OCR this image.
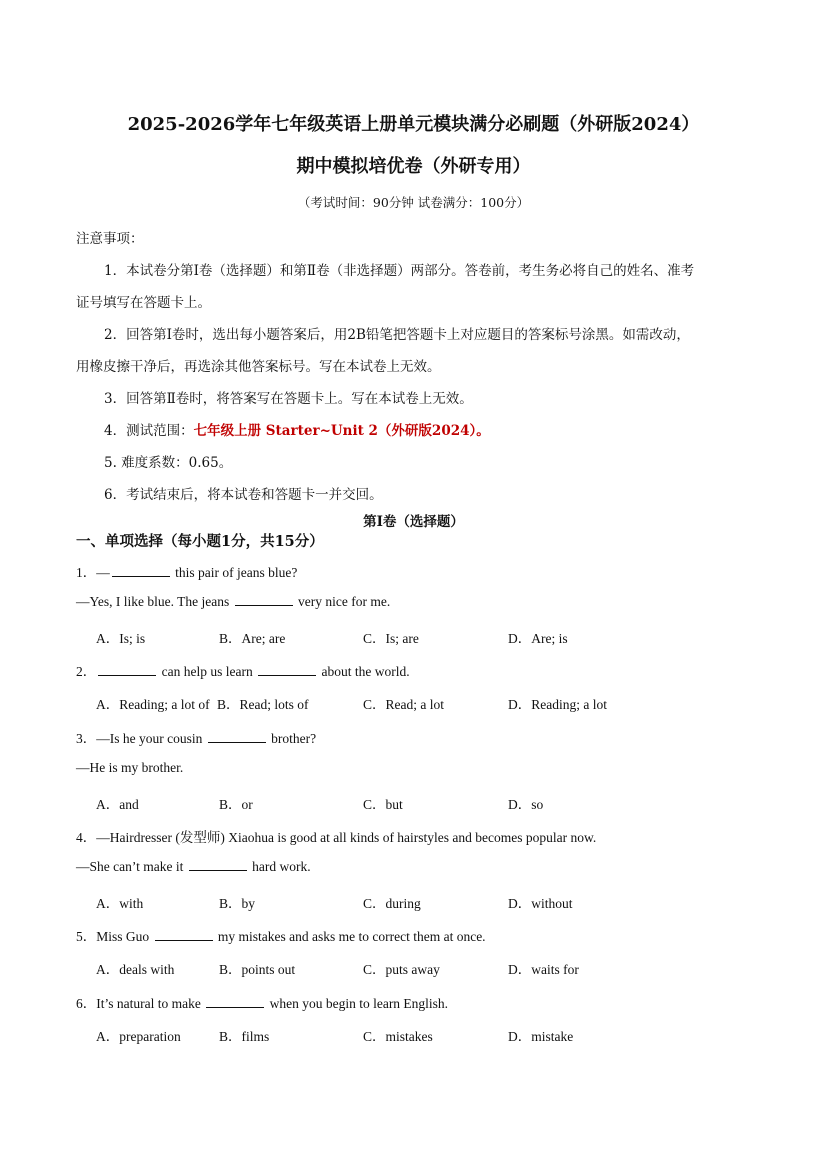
2025-2026学年七年级英语上册单元模块满分必刷题（外研版2024）
期中模拟培优卷（外研专用）
（考试时间：90分钟 试卷满分：100分）
注意事项：
1．本试卷分第Ⅰ卷（选择题）和第Ⅱ卷（非选择题）两部分。答卷前，考生务必将自己的姓名、准考
证号填写在答题卡上。
2．回答第Ⅰ卷时，选出每小题答案后，用2B铅笔把答题卡上对应题目的答案标号涂黑。如需改动，
用橡皮擦干净后，再选涂其他答案标号。写在本试卷上无效。
3．回答第Ⅱ卷时，将答案写在答题卡上。写在本试卷上无效。
4．测试范围：七年级上册 Starter~Unit 2（外研版2024）。
5. 难度系数：0.65。
6．考试结束后，将本试卷和答题卡一并交回。
第Ⅰ卷（选择题）
一、单项选择（每小题1分，共15分）
1．—	this pair of jeans blue?
—Yes, I like blue. The jeans	very nice for me.
A．Is; is	B．Are; are	C．Is; are	D．Are; is
2．	can help us learn	about the world.
A．Reading; a lot of B．Read; lots of	C．Read; a lot	D．Reading; a lot
3．—Is he your cousin	brother?
—He is my brother.
A．and	B．or	C．but	D．so
4．—Hairdresser (发型师) Xiaohua is good at all kinds of hairstyles and becomes popular now.
—She can’t make it	hard work.
A．with	B．by	C．during	D．without
5．Miss Guo	my mistakes and asks me to correct them at once.
A．deals with	B．points out	C．puts away	D．waits for
6．It’s natural to make	when you begin to learn English.
A．preparation	B．films	C．mistakes	D．mistake
